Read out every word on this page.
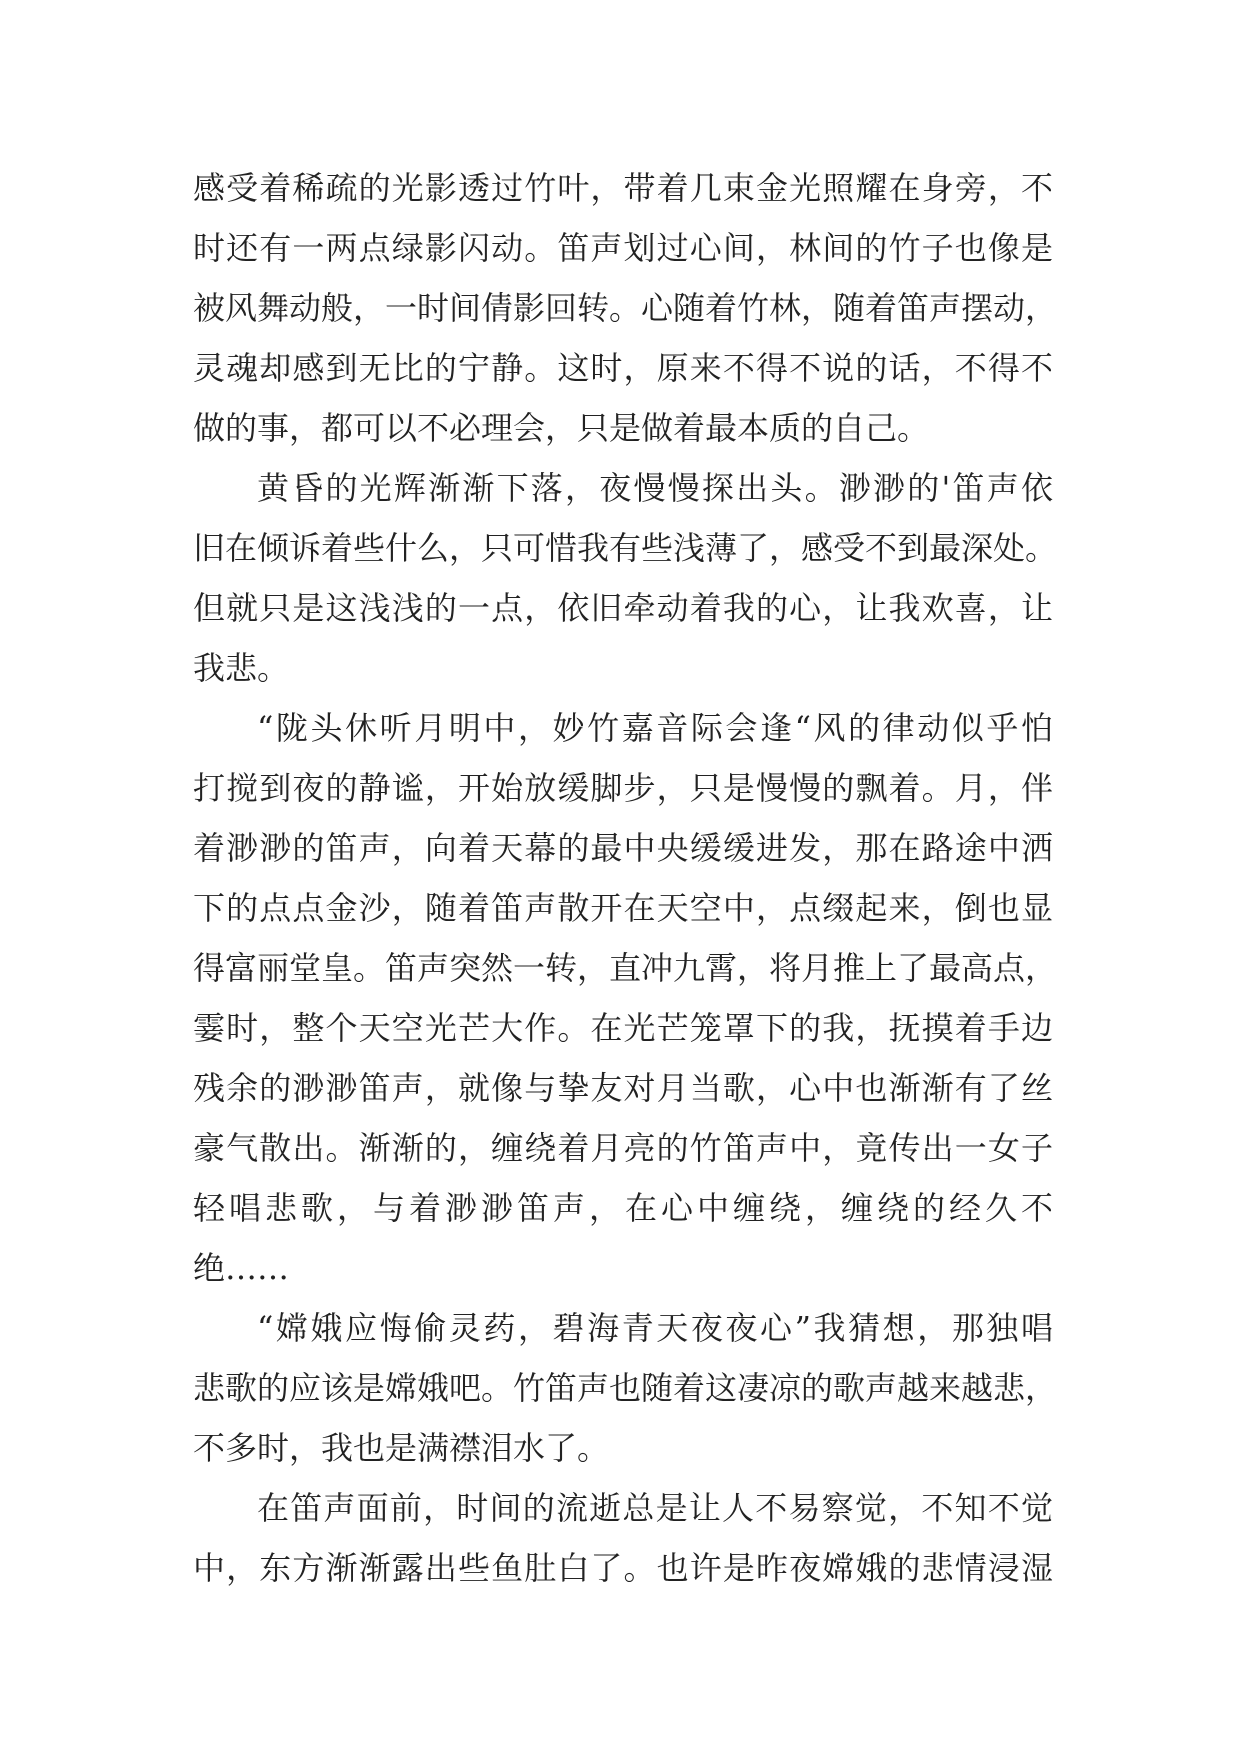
感受着稀疏的光影透过竹叶，带着几束金光照耀在身旁，不
时还有一两点绿影闪动。笛声划过心间，林间的竹子也像是
被风舞动般，一时间倩影回转。心随着竹林，随着笛声摆动，
灵魂却感到无比的宁静。这时，原来不得不说的话，不得不
做的事，都可以不必理会，只是做着最本质的自己。
黄昏的光辉渐渐下落，夜慢慢探出头。渺渺的'笛声依
旧在倾诉着些什么，只可惜我有些浅薄了，感受不到最深处。
但就只是这浅浅的一点，依旧牵动着我的心，让我欢喜，让
我悲。
“陇头休听月明中，妙竹嘉音际会逢“风的律动似乎怕
打搅到夜的静谧，开始放缓脚步，只是慢慢的飘着。月，伴
着渺渺的笛声，向着天幕的最中央缓缓进发，那在路途中洒
下的点点金沙，随着笛声散开在天空中，点缀起来，倒也显
得富丽堂皇。笛声突然一转，直冲九霄，将月推上了最高点，
霎时，整个天空光芒大作。在光芒笼罩下的我，抚摸着手边
残余的渺渺笛声，就像与挚友对月当歌，心中也渐渐有了丝
豪气散出。渐渐的，缠绕着月亮的竹笛声中，竟传出一女子
轻唱悲歌，与着渺渺笛声，在心中缠绕，缠绕的经久不
绝……
“嫦娥应悔偷灵药，碧海青天夜夜心”我猜想，那独唱
悲歌的应该是嫦娥吧。竹笛声也随着这凄凉的歌声越来越悲，
不多时，我也是满襟泪水了。
在笛声面前，时间的流逝总是让人不易察觉，不知不觉
中，东方渐渐露出些鱼肚白了。也许是昨夜嫦娥的悲情浸湿
